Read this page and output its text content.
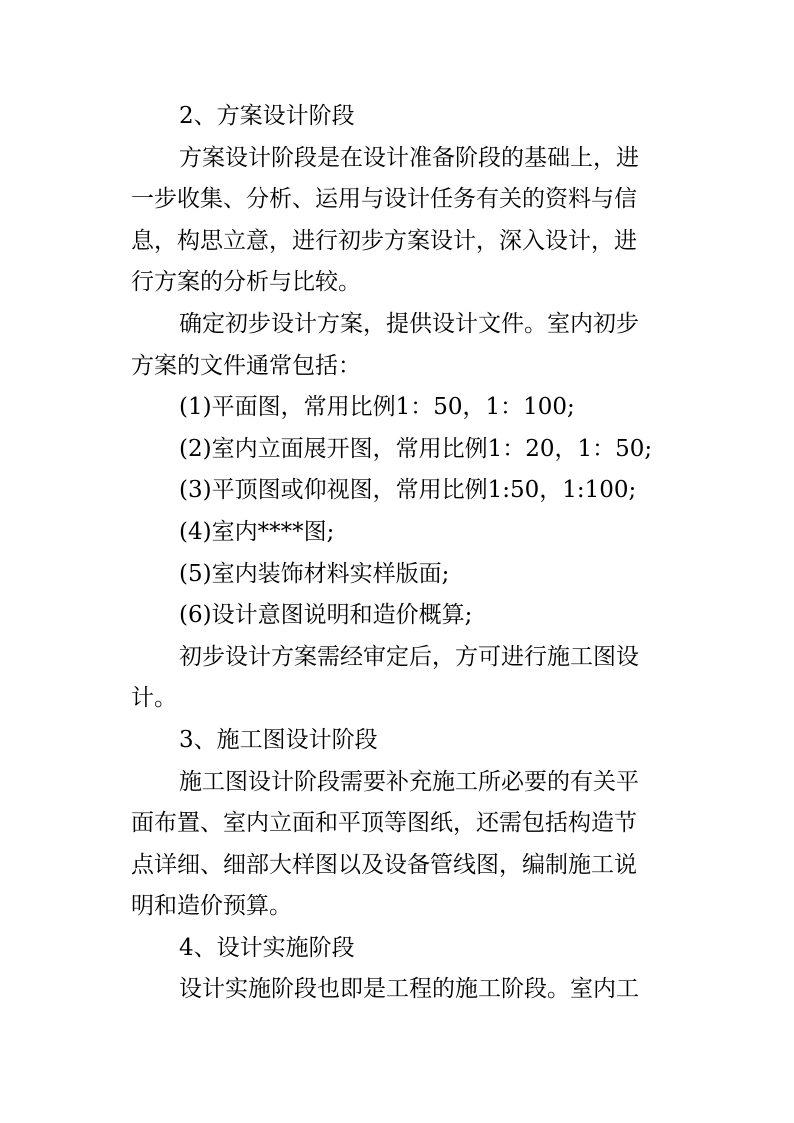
2、方案设计阶段

方案设计阶段是在设计准备阶段的基础上，进

一步收集、分析、运用与设计任务有关的资料与信

息，构思立意，进行初步方案设计，深入设计，进

行方案的分析与比较。

确定初步设计方案，提供设计文件。室内初步

方案的文件通常包括：

(1)平面图，常用比例1：50，1：100;

(2)室内立面展开图，常用比例1：20，1：50;

(3)平顶图或仰视图，常用比例1:50，1:100;

(4)室内****图;

(5)室内装饰材料实样版面;

(6)设计意图说明和造价概算;

初步设计方案需经审定后，方可进行施工图设

计。

3、施工图设计阶段

施工图设计阶段需要补充施工所必要的有关平

面布置、室内立面和平顶等图纸，还需包括构造节

点详细、细部大样图以及设备管线图，编制施工说

明和造价预算。

4、设计实施阶段

设计实施阶段也即是工程的施工阶段。室内工
